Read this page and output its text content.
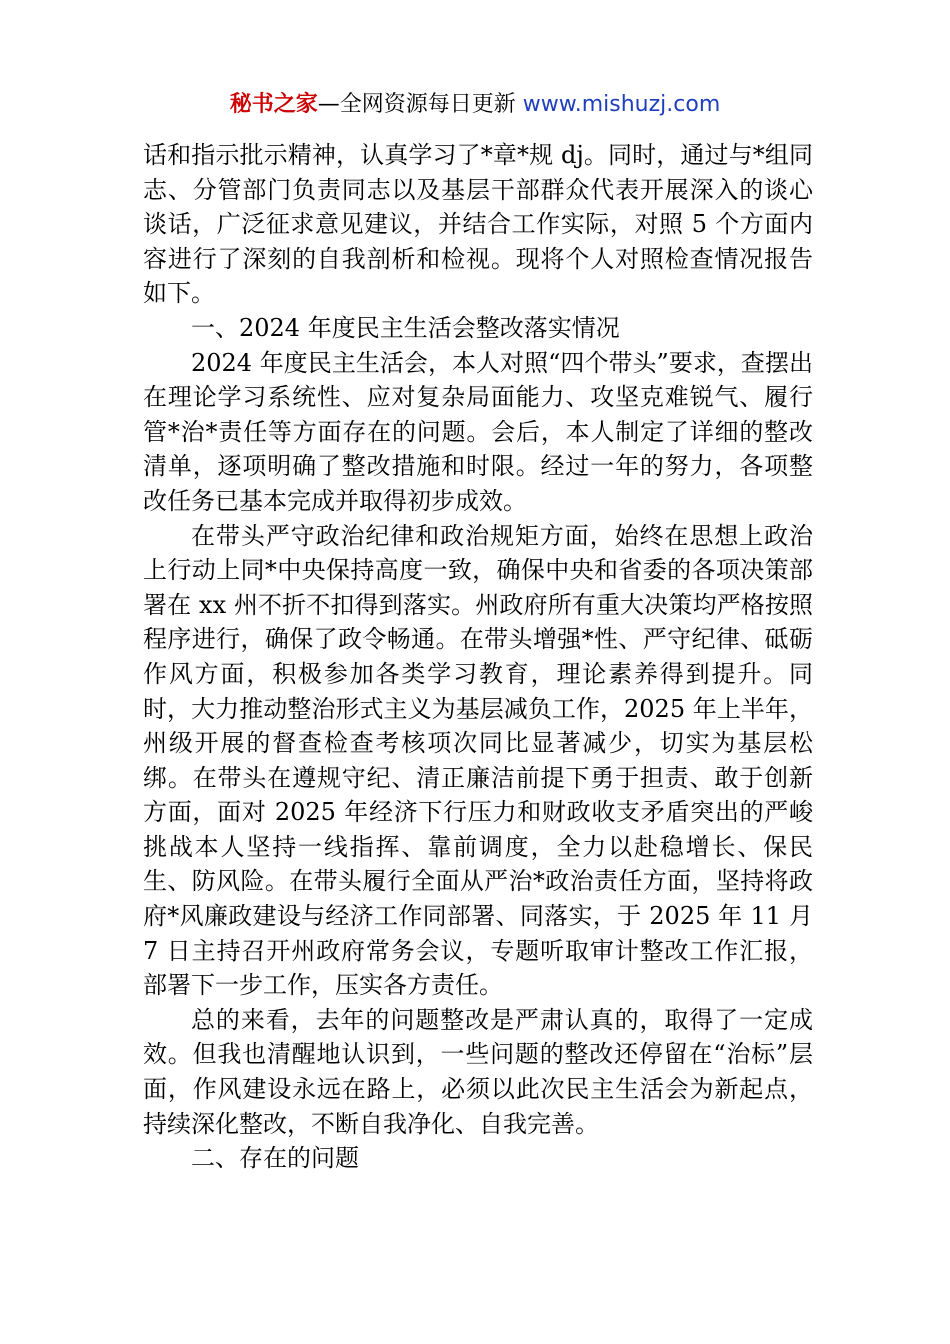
秘书之家—全网资源每日更新 www.mishuzj.com

话和指示批示精神，认真学习了*章*规 dj。同时，通过与*组同志、分管部门负责同志以及基层干部群众代表开展深入的谈心谈话，广泛征求意见建议，并结合工作实际，对照 5 个方面内容进行了深刻的自我剖析和检视。现将个人对照检查情况报告如下。

一、2024 年度民主生活会整改落实情况

2024 年度民主生活会，本人对照“四个带头”要求，查摆出在理论学习系统性、应对复杂局面能力、攻坚克难锐气、履行管*治*责任等方面存在的问题。会后，本人制定了详细的整改清单，逐项明确了整改措施和时限。经过一年的努力，各项整改任务已基本完成并取得初步成效。

在带头严守政治纪律和政治规矩方面，始终在思想上政治上行动上同*中央保持高度一致，确保中央和省委的各项决策部署在 xx 州不折不扣得到落实。州政府所有重大决策均严格按照程序进行，确保了政令畅通。在带头增强*性、严守纪律、砥砺作风方面，积极参加各类学习教育，理论素养得到提升。同时，大力推动整治形式主义为基层减负工作，2025 年上半年，州级开展的督查检查考核项次同比显著减少，切实为基层松绑。在带头在遵规守纪、清正廉洁前提下勇于担责、敢于创新方面，面对 2025 年经济下行压力和财政收支矛盾突出的严峻挑战本人坚持一线指挥、靠前调度，全力以赴稳增长、保民生、防风险。在带头履行全面从严治*政治责任方面，坚持将政府*风廉政建设与经济工作同部署、同落实，于 2025 年 11 月 7 日主持召开州政府常务会议，专题听取审计整改工作汇报，部署下一步工作，压实各方责任。

总的来看，去年的问题整改是严肃认真的，取得了一定成效。但我也清醒地认识到，一些问题的整改还停留在“治标”层面，作风建设永远在路上，必须以此次民主生活会为新起点，持续深化整改，不断自我净化、自我完善。

二、存在的问题
